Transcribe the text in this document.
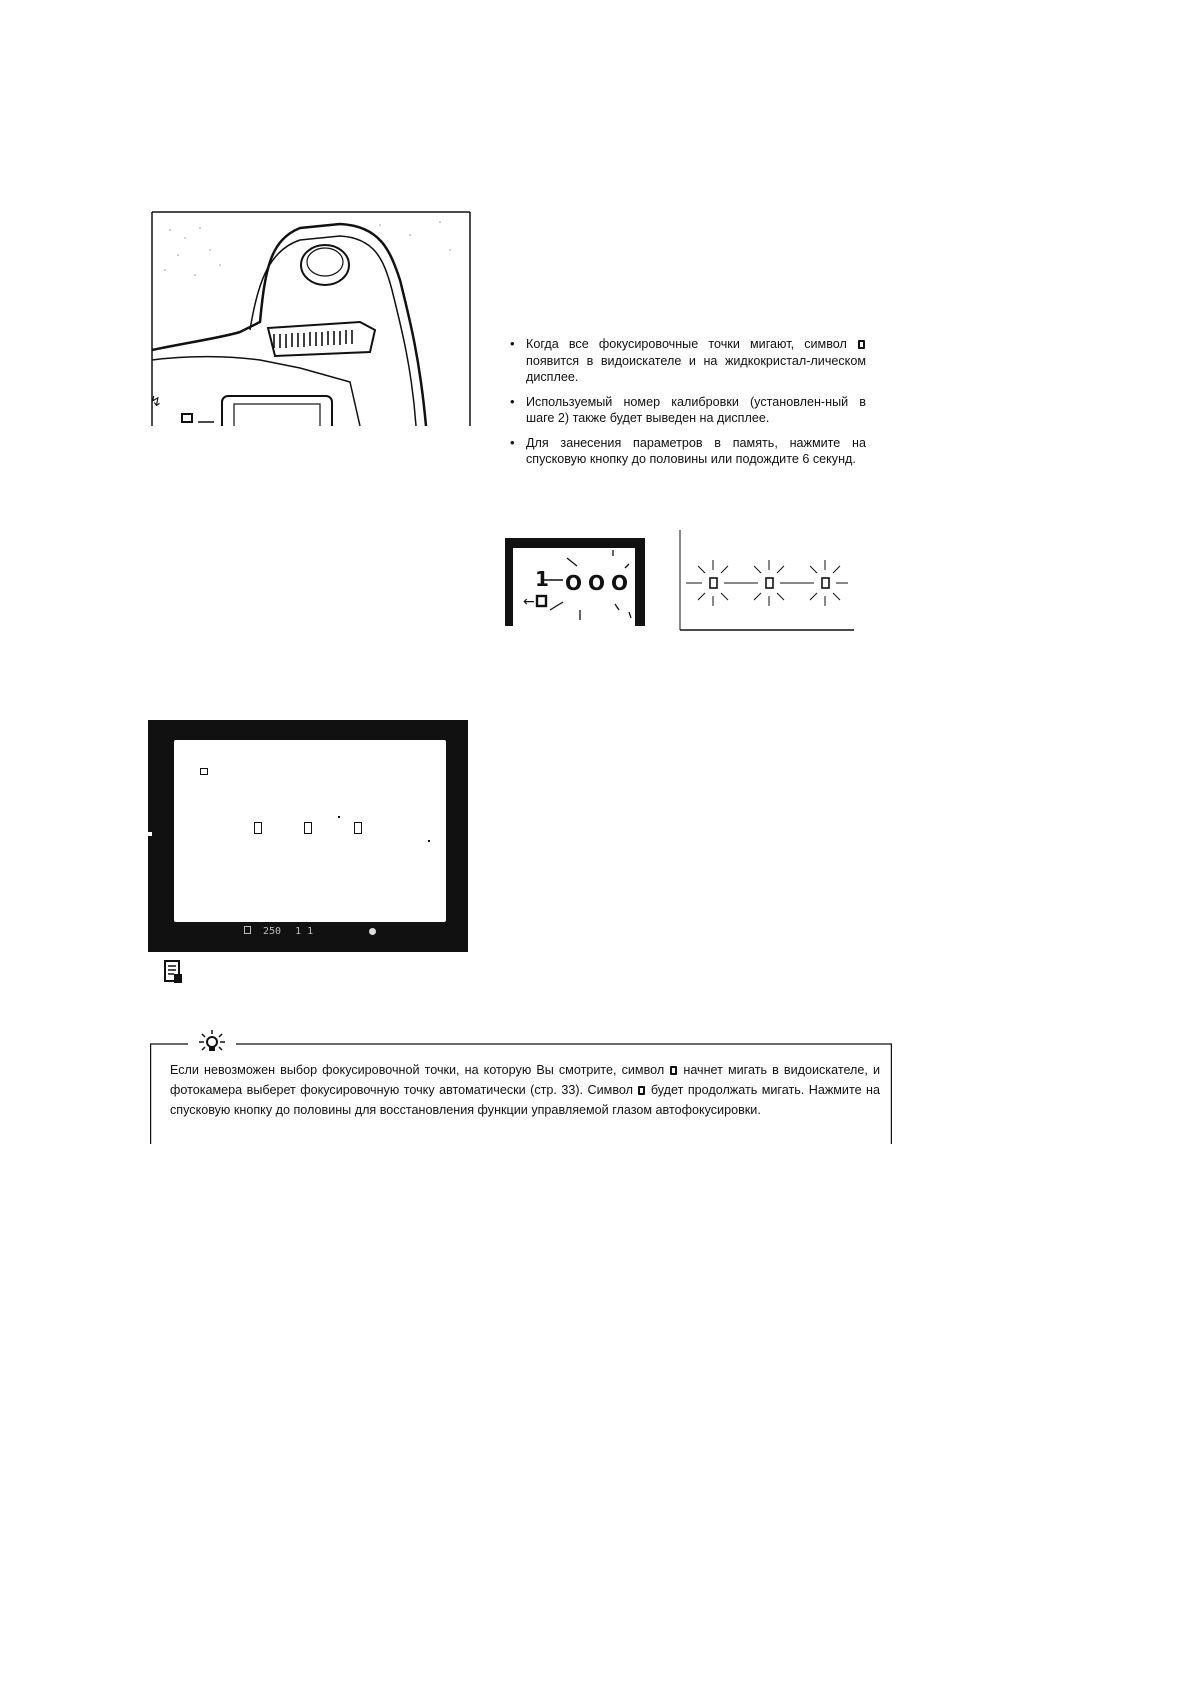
↯
• Когда все фокусировочные точки мигают, символ  появится в видоискателе и на жидкокристал-лическом дисплее.
• Используемый номер калибровки (установлен-ный в шаге 2) также будет выведен на дисплее.
• Для занесения параметров в память, нажмите на спусковую кнопку до половины или подождите 6 секунд.
1 ООО
←
250 1 1
Если невозможен выбор фокусировочной точки, на которую Вы смотрите, символ начнет мигать в видоискателе, и фотокамера выберет фокусировочную точку автоматически (стр. 33). Символ будет продолжать мигать. Нажмите на спусковую кнопку до половины для восстановления функции управляемой глазом автофокусировки.
